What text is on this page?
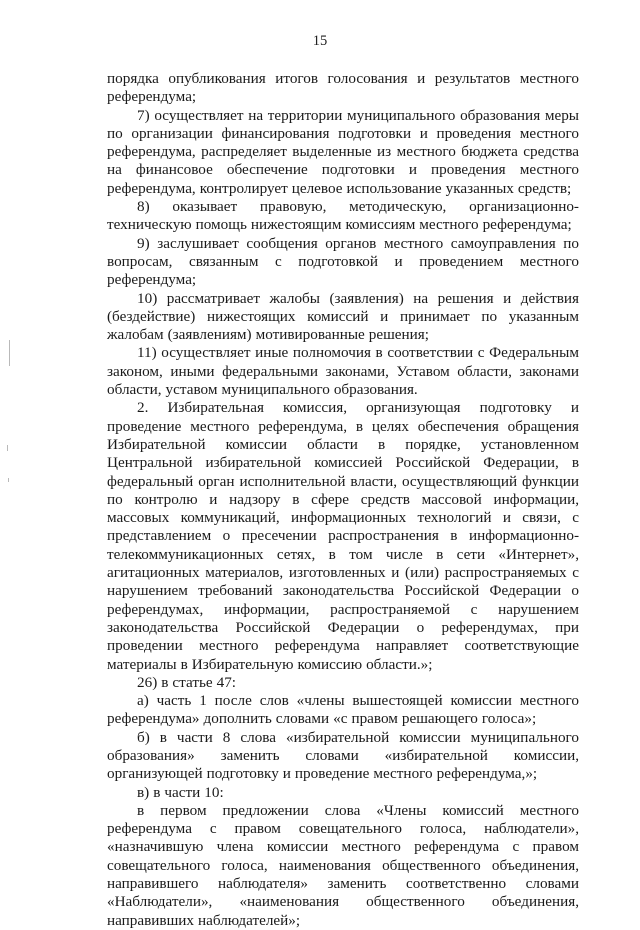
15

порядка опубликования итогов голосования и результатов местного референдума;

7) осуществляет на территории муниципального образования меры по организации финансирования подготовки и проведения местного референдума, распределяет выделенные из местного бюджета средства на финансовое обеспечение подготовки и проведения местного референдума, контролирует целевое использование указанных средств;

8) оказывает правовую, методическую, организационно-техническую помощь нижестоящим комиссиям местного референдума;

9) заслушивает сообщения органов местного самоуправления по вопросам, связанным с подготовкой и проведением местного референдума;

10) рассматривает жалобы (заявления) на решения и действия (бездействие) нижестоящих комиссий и принимает по указанным жалобам (заявлениям) мотивированные решения;

11) осуществляет иные полномочия в соответствии с Федеральным законом, иными федеральными законами, Уставом области, законами области, уставом муниципального образования.

2. Избирательная комиссия, организующая подготовку и проведение местного референдума, в целях обеспечения обращения Избирательной комиссии области в порядке, установленном Центральной избирательной комиссией Российской Федерации, в федеральный орган исполнительной власти, осуществляющий функции по контролю и надзору в сфере средств массовой информации, массовых коммуникаций, информационных технологий и связи, с представлением о пресечении распространения в информационно-телекоммуникационных сетях, в том числе в сети «Интернет», агитационных материалов, изготовленных и (или) распространяемых с нарушением требований законодательства Российской Федерации о референдумах, информации, распространяемой с нарушением законодательства Российской Федерации о референдумах, при проведении местного референдума направляет соответствующие материалы в Избирательную комиссию области.»;

26) в статье 47:

а) часть 1 после слов «члены вышестоящей комиссии местного референдума» дополнить словами «с правом решающего голоса»;

б) в части 8 слова «избирательной комиссии муниципального образования» заменить словами «избирательной комиссии, организующей подготовку и проведение местного референдума,»;

в) в части 10:

в первом предложении слова «Члены комиссий местного референдума с правом совещательного голоса, наблюдатели», «назначившую члена комиссии местного референдума с правом совещательного голоса, наименования общественного объединения, направившего наблюдателя» заменить соответственно словами «Наблюдатели», «наименования общественного объединения, направивших наблюдателей»;
